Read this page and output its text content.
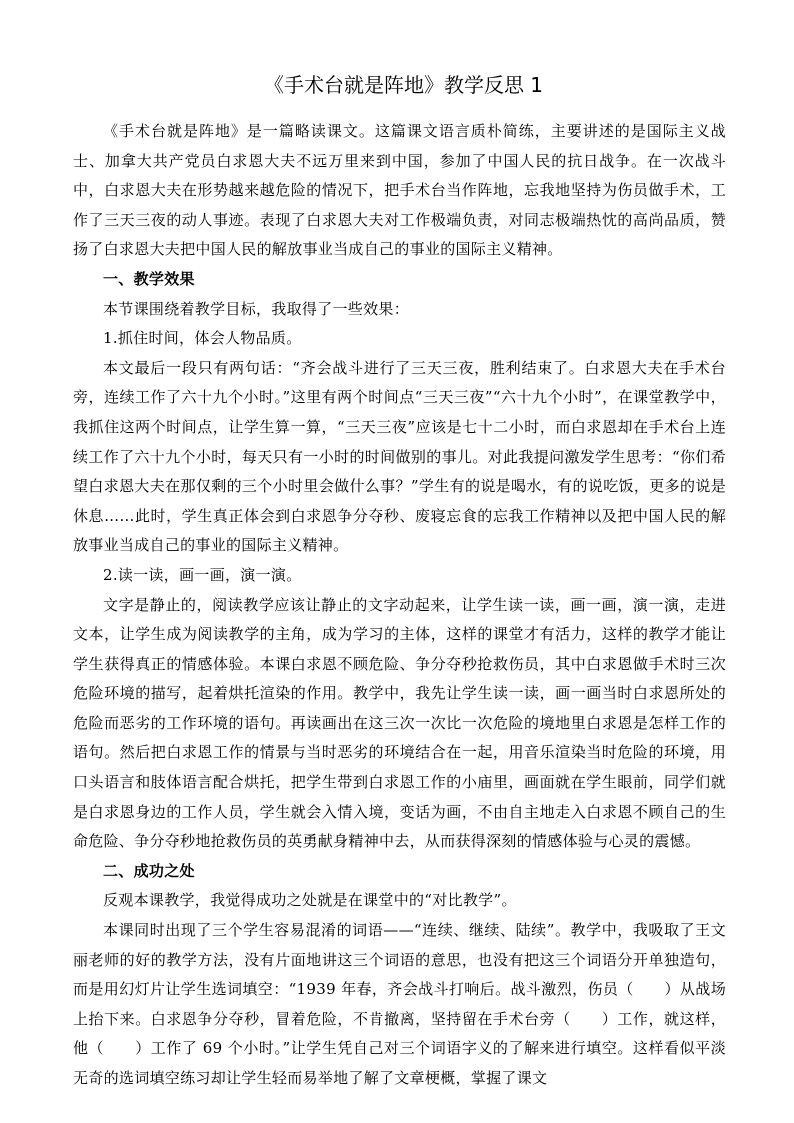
《手术台就是阵地》教学反思 1

《手术台就是阵地》是一篇略读课文。这篇课文语言质朴简练，主要讲述的是国际主义战士、加拿大共产党员白求恩大夫不远万里来到中国，参加了中国人民的抗日战争。在一次战斗中，白求恩大夫在形势越来越危险的情况下，把手术台当作阵地，忘我地坚持为伤员做手术，工作了三天三夜的动人事迹。表现了白求恩大夫对工作极端负责，对同志极端热忱的高尚品质，赞扬了白求恩大夫把中国人民的解放事业当成自己的事业的国际主义精神。

一、教学效果

本节课围绕着教学目标，我取得了一些效果：

1.抓住时间，体会人物品质。

本文最后一段只有两句话：“齐会战斗进行了三天三夜，胜利结束了。白求恩大夫在手术台旁，连续工作了六十九个小时。”这里有两个时间点“三天三夜”“六十九个小时”，在课堂教学中，我抓住这两个时间点，让学生算一算，“三天三夜”应该是七十二小时，而白求恩却在手术台上连续工作了六十九个小时，每天只有一小时的时间做别的事儿。对此我提问激发学生思考：“你们希望白求恩大夫在那仅剩的三个小时里会做什么事？”学生有的说是喝水，有的说吃饭，更多的说是休息……此时，学生真正体会到白求恩争分夺秒、废寝忘食的忘我工作精神以及把中国人民的解放事业当成自己的事业的国际主义精神。

2.读一读，画一画，演一演。

文字是静止的，阅读教学应该让静止的文字动起来，让学生读一读，画一画，演一演，走进文本，让学生成为阅读教学的主角，成为学习的主体，这样的课堂才有活力，这样的教学才能让学生获得真正的情感体验。本课白求恩不顾危险、争分夺秒抢救伤员，其中白求恩做手术时三次危险环境的描写，起着烘托渲染的作用。教学中，我先让学生读一读，画一画当时白求恩所处的危险而恶劣的工作环境的语句。再读画出在这三次一次比一次危险的境地里白求恩是怎样工作的语句。然后把白求恩工作的情景与当时恶劣的环境结合在一起，用音乐渲染当时危险的环境，用口头语言和肢体语言配合烘托，把学生带到白求恩工作的小庙里，画面就在学生眼前，同学们就是白求恩身边的工作人员，学生就会入情入境，变话为画，不由自主地走入白求恩不顾自己的生命危险、争分夺秒地抢救伤员的英勇献身精神中去，从而获得深刻的情感体验与心灵的震憾。

二、成功之处

反观本课教学，我觉得成功之处就是在课堂中的“对比教学”。

本课同时出现了三个学生容易混淆的词语——“连续、继续、陆续”。教学中，我吸取了王文丽老师的好的教学方法，没有片面地讲这三个词语的意思，也没有把这三个词语分开单独造句，而是用幻灯片让学生选词填空：“1939 年春，齐会战斗打响后。战斗激烈，伤员（　　）从战场上抬下来。白求恩争分夺秒，冒着危险，不肯撤离，坚持留在手术台旁（　　）工作，就这样，他（　　）工作了 69 个小时。”让学生凭自己对三个词语字义的了解来进行填空。这样看似平淡无奇的选词填空练习却让学生轻而易举地了解了文章梗概，掌握了课文
